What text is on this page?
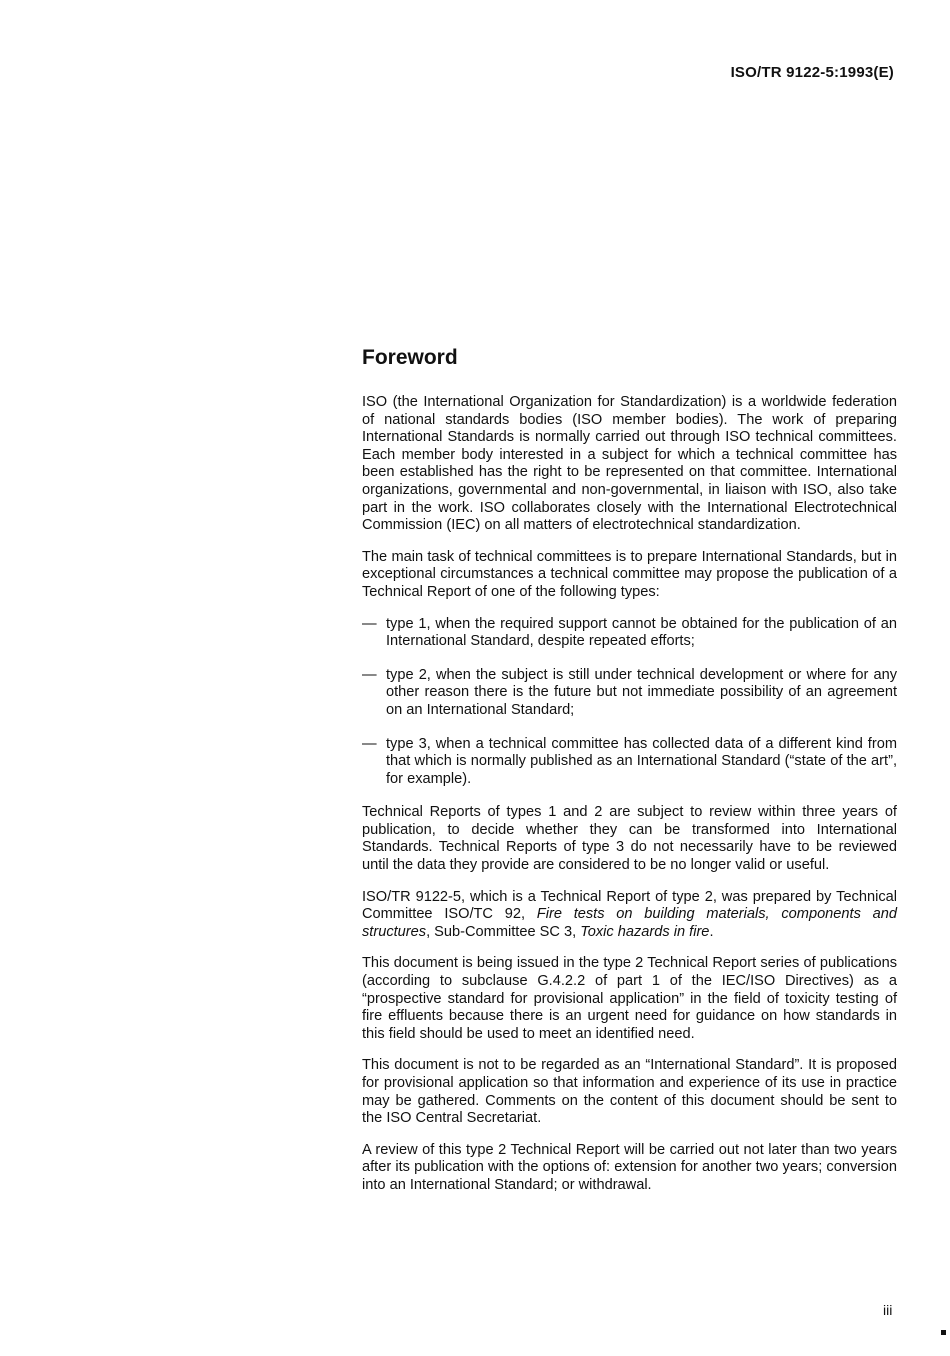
ISO/TR 9122-5:1993(E)
Foreword

ISO (the International Organization for Standardization) is a worldwide federation of national standards bodies (ISO member bodies). The work of preparing International Standards is normally carried out through ISO technical committees. Each member body interested in a subject for which a technical committee has been established has the right to be represented on that committee. International organizations, governmental and non-governmental, in liaison with ISO, also take part in the work. ISO collaborates closely with the International Electrotechnical Commission (IEC) on all matters of electrotechnical standardization.

The main task of technical committees is to prepare International Standards, but in exceptional circumstances a technical committee may propose the publication of a Technical Report of one of the following types:

— type 1, when the required support cannot be obtained for the publication of an International Standard, despite repeated efforts;
— type 2, when the subject is still under technical development or where for any other reason there is the future but not immediate possibility of an agreement on an International Standard;
— type 3, when a technical committee has collected data of a different kind from that which is normally published as an International Standard (“state of the art”, for example).

Technical Reports of types 1 and 2 are subject to review within three years of publication, to decide whether they can be transformed into International Standards. Technical Reports of type 3 do not necessarily have to be reviewed until the data they provide are considered to be no longer valid or useful.

ISO/TR 9122-5, which is a Technical Report of type 2, was prepared by Technical Committee ISO/TC 92, Fire tests on building materials, components and structures, Sub-Committee SC 3, Toxic hazards in fire.

This document is being issued in the type 2 Technical Report series of publications (according to subclause G.4.2.2 of part 1 of the IEC/ISO Directives) as a “prospective standard for provisional application” in the field of toxicity testing of fire effluents because there is an urgent need for guidance on how standards in this field should be used to meet an identified need.

This document is not to be regarded as an “International Standard”. It is proposed for provisional application so that information and experience of its use in practice may be gathered. Comments on the content of this document should be sent to the ISO Central Secretariat.

A review of this type 2 Technical Report will be carried out not later than two years after its publication with the options of: extension for another two years; conversion into an International Standard; or withdrawal.

iii
